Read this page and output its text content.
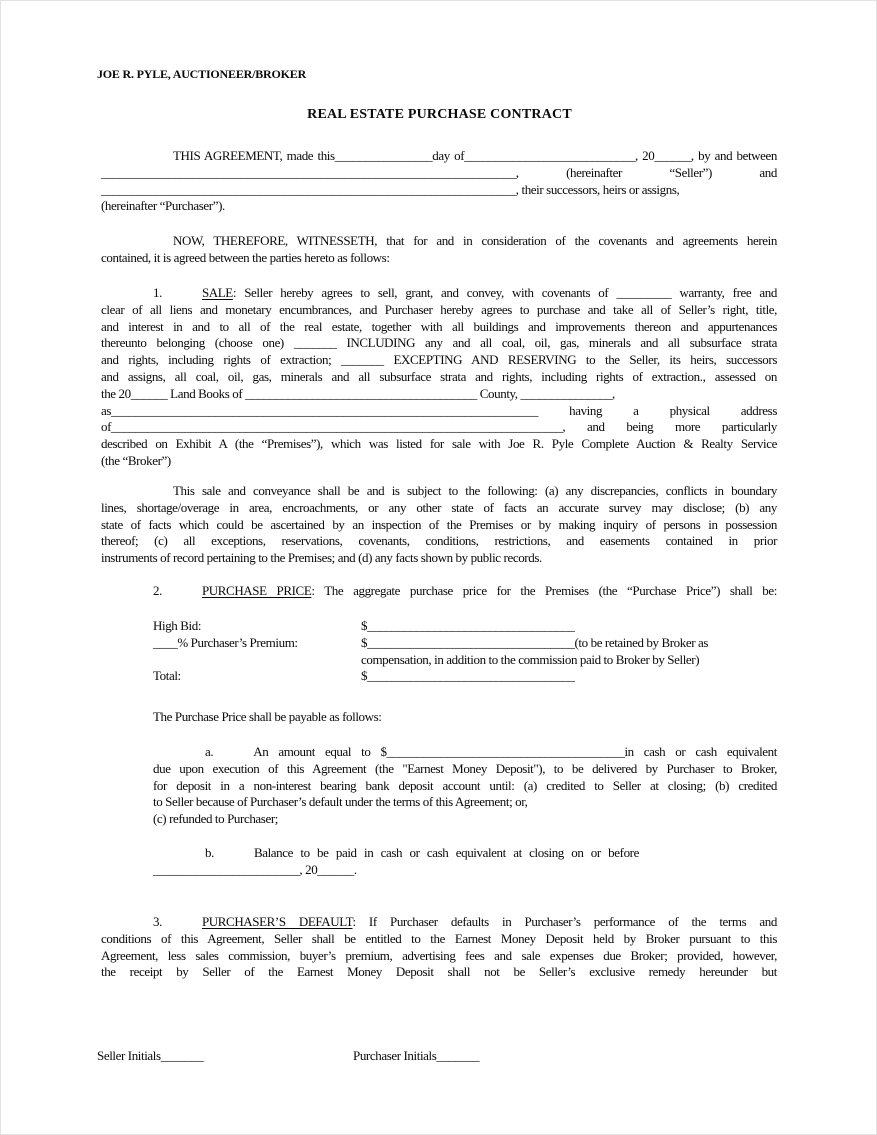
JOE R. PYLE, AUCTIONEER/BROKER
REAL ESTATE PURCHASE CONTRACT
THIS AGREEMENT, made this________________day of____________________________, 20______, by and between
____________________________________________________________________, (hereinafter “Seller”) and
____________________________________________________________________, their successors, heirs or assigns,
(hereinafter “Purchaser”).
NOW, THEREFORE, WITNESSETH, that for and in consideration of the covenants and agreements herein
contained, it is agreed between the parties hereto as follows:
1.	SALE: Seller hereby agrees to sell, grant, and convey, with covenants of _________ warranty, free and
clear of all liens and monetary encumbrances, and Purchaser hereby agrees to purchase and take all of Seller’s right, title,
and interest in and to all of the real estate, together with all buildings and improvements thereon and appurtenances
thereunto belonging (choose one) _______ INCLUDING any and all coal, oil, gas, minerals and all subsurface strata
and rights, including rights of extraction; _______ EXCEPTING AND RESERVING to the Seller, its heirs, successors
and assigns, all coal, oil, gas, minerals and all subsurface strata and rights, including rights of extraction., assessed on
the 20______ Land Books of ______________________________________ County, _______________,
as______________________________________________________________________ having a physical address
of__________________________________________________________________________, and being more particularly
described on Exhibit A (the “Premises”), which was listed for sale with Joe R. Pyle Complete Auction & Realty Service
(the “Broker”)
This sale and conveyance shall be and is subject to the following: (a) any discrepancies, conflicts in boundary
lines, shortage/overage in area, encroachments, or any other state of facts an accurate survey may disclose; (b) any
state of facts which could be ascertained by an inspection of the Premises or by making inquiry of persons in possession
thereof; (c) all exceptions, reservations, covenants, conditions, restrictions, and easements contained in prior
instruments of record pertaining to the Premises; and (d) any facts shown by public records.
2.	PURCHASE PRICE: The aggregate purchase price for the Premises (the “Purchase Price”) shall be:
High Bid:	$__________________________________
____% Purchaser’s Premium:	$__________________________________(to be retained by Broker as
compensation, in addition to the commission paid to Broker by Seller)
Total:	$__________________________________
The Purchase Price shall be payable as follows:
a.	An amount equal to $_______________________________________in cash or cash equivalent
due upon execution of this Agreement (the "Earnest Money Deposit"), to be delivered by Purchaser to Broker,
for deposit in a non-interest bearing bank deposit account until: (a) credited to Seller at closing; (b) credited
to Seller because of Purchaser’s default under the terms of this Agreement; or,
(c) refunded to Purchaser;
b.	Balance to be paid in cash or cash equivalent at closing on or before
________________________, 20______.
3.	PURCHASER’S DEFAULT: If Purchaser defaults in Purchaser’s performance of the terms and
conditions of this Agreement, Seller shall be entitled to the Earnest Money Deposit held by Broker pursuant to this
Agreement, less sales commission, buyer’s premium, advertising fees and sale expenses due Broker; provided, however,
the receipt by Seller of the Earnest Money Deposit shall not be Seller’s exclusive remedy hereunder but
Seller Initials_______	Purchaser Initials_______
